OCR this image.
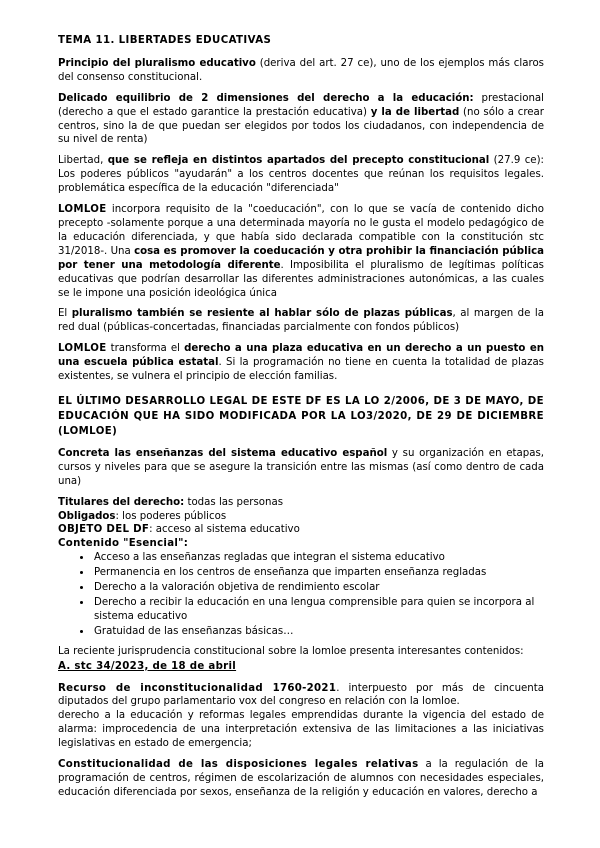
TEMA 11. LIBERTADES EDUCATIVAS

Principio del pluralismo educativo (deriva del art. 27 ce), uno de los ejemplos más claros del consenso constitucional.

Delicado equilibrio de 2 dimensiones del derecho a la educación: prestacional (derecho a que el estado garantice la prestación educativa) y la de libertad (no sólo a crear centros, sino la de que puedan ser elegidos por todos los ciudadanos, con independencia de su nivel de renta)

Libertad, que se refleja en distintos apartados del precepto constitucional (27.9 ce): Los poderes públicos "ayudarán" a los centros docentes que reúnan los requisitos legales. problemática específica de la educación "diferenciada"

LOMLOE incorpora requisito de la "coeducación", con lo que se vacía de contenido dicho precepto -solamente porque a una determinada mayoría no le gusta el modelo pedagógico de la educación diferenciada, y que había sido declarada compatible con la constitución stc 31/2018-. Una cosa es promover la coeducación y otra prohibir la financiación pública por tener una metodología diferente. Imposibilita el pluralismo de legítimas políticas educativas que podrían desarrollar las diferentes administraciones autonómicas, a las cuales se le impone una posición ideológica única

El pluralismo también se resiente al hablar sólo de plazas públicas, al margen de la red dual (públicas-concertadas, financiadas parcialmente con fondos públicos)

LOMLOE transforma el derecho a una plaza educativa en un derecho a un puesto en una escuela pública estatal. Si la programación no tiene en cuenta la totalidad de plazas existentes, se vulnera el principio de elección familias.

EL ÚLTIMO DESARROLLO LEGAL DE ESTE DF ES LA LO 2/2006, DE 3 DE MAYO, DE EDUCACIÓN QUE HA SIDO MODIFICADA POR LA LO3/2020, DE 29 DE DICIEMBRE (LOMLOE)

Concreta las enseñanzas del sistema educativo español y su organización en etapas, cursos y niveles para que se asegure la transición entre las mismas (así como dentro de cada una)

Titulares del derecho: todas las personas

Obligados: los poderes públicos

OBJETO DEL DF: acceso al sistema educativo

Contenido "Esencial":

• Acceso a las enseñanzas regladas que integran el sistema educativo
• Permanencia en los centros de enseñanza que imparten enseñanza regladas
• Derecho a la valoración objetiva de rendimiento escolar
• Derecho a recibir la educación en una lengua comprensible para quien se incorpora al sistema educativo
• Gratuidad de las enseñanzas básicas…

La reciente jurisprudencia constitucional sobre la lomloe presenta interesantes contenidos:

A. stc 34/2023, de 18 de abril

Recurso de inconstitucionalidad 1760-2021. interpuesto por más de cincuenta diputados del grupo parlamentario vox del congreso en relación con la lomloe.

derecho a la educación y reformas legales emprendidas durante la vigencia del estado de alarma: improcedencia de una interpretación extensiva de las limitaciones a las iniciativas legislativas en estado de emergencia;

Constitucionalidad de las disposiciones legales relativas a la regulación de la programación de centros, régimen de escolarización de alumnos con necesidades especiales, educación diferenciada por sexos, enseñanza de la religión y educación en valores, derecho a
